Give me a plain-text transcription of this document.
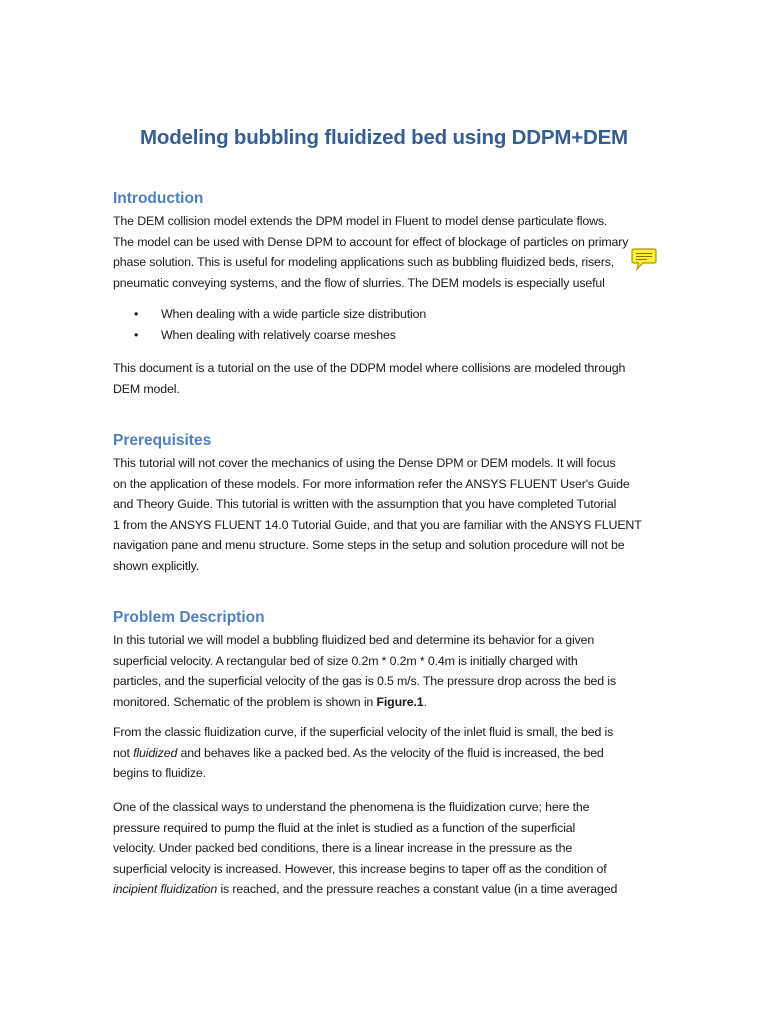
Modeling bubbling fluidized bed using DDPM+DEM
Introduction
The DEM collision model extends the DPM model in Fluent to model dense particulate flows.
The model can be used with Dense DPM to account for effect of blockage of particles on primary
phase solution. This is useful for modeling applications such as bubbling fluidized beds, risers,
pneumatic conveying systems, and the flow of slurries. The DEM models is especially useful
• When dealing with a wide particle size distribution
• When dealing with relatively coarse meshes
This document is a tutorial on the use of the DDPM model where collisions are modeled through
DEM model.
Prerequisites
This tutorial will not cover the mechanics of using the Dense DPM or DEM models. It will focus
on the application of these models. For more information refer the ANSYS FLUENT User's Guide
and Theory Guide. This tutorial is written with the assumption that you have completed Tutorial
1 from the ANSYS FLUENT 14.0 Tutorial Guide, and that you are familiar with the ANSYS FLUENT
navigation pane and menu structure. Some steps in the setup and solution procedure will not be
shown explicitly.
Problem Description
In this tutorial we will model a bubbling fluidized bed and determine its behavior for a given
superficial velocity. A rectangular bed of size 0.2m * 0.2m * 0.4m is initially charged with
particles, and the superficial velocity of the gas is 0.5 m/s. The pressure drop across the bed is
monitored. Schematic of the problem is shown in Figure.1.
From the classic fluidization curve, if the superficial velocity of the inlet fluid is small, the bed is
not fluidized and behaves like a packed bed. As the velocity of the fluid is increased, the bed
begins to fluidize.
One of the classical ways to understand the phenomena is the fluidization curve; here the
pressure required to pump the fluid at the inlet is studied as a function of the superficial
velocity. Under packed bed conditions, there is a linear increase in the pressure as the
superficial velocity is increased. However, this increase begins to taper off as the condition of
incipient fluidization is reached, and the pressure reaches a constant value (in a time averaged
